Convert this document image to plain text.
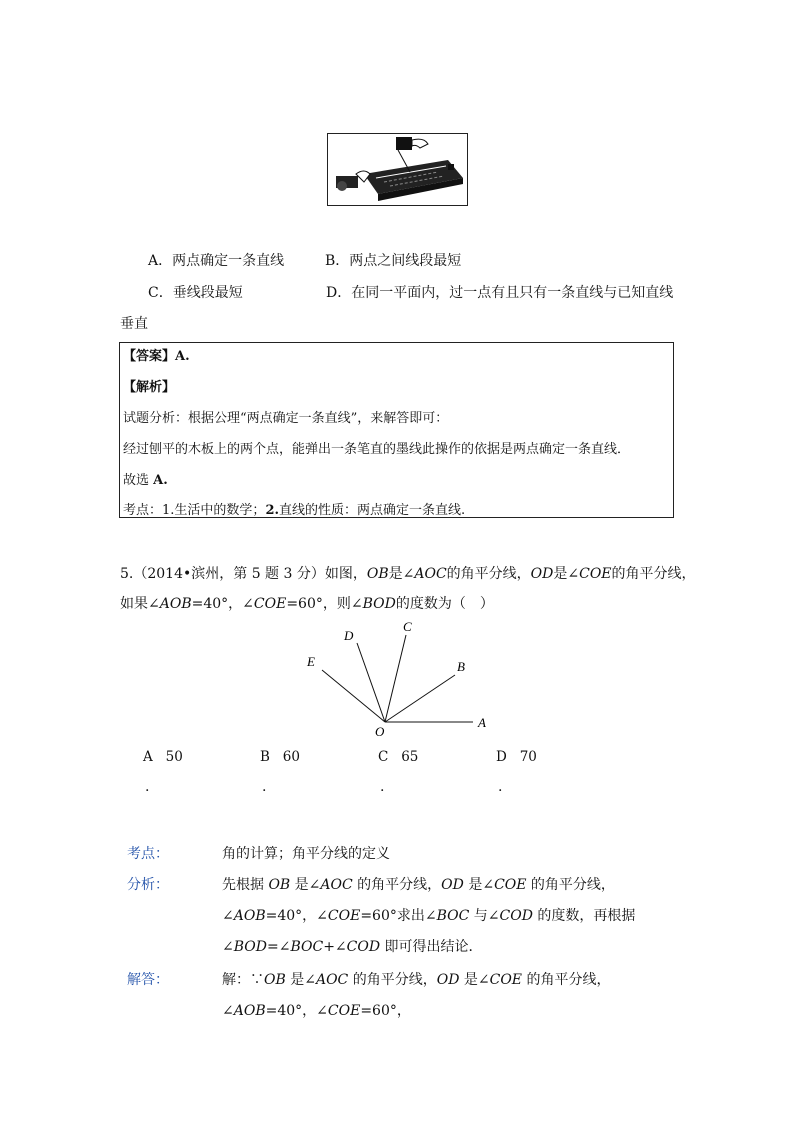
A．两点确定一条直线	B．两点之间线段最短
C．垂线段最短	D．在同一平面内，过一点有且只有一条直线与已知直线
垂直
【答案】A.
【解析】
试题分析：根据公理“两点确定一条直线”，来解答即可：
经过刨平的木板上的两个点，能弹出一条笔直的墨线此操作的依据是两点确定一条直线．
故选 A.
考点：1.生活中的数学；2.直线的性质：两点确定一条直线.
5.（2014•滨州，第 5 题 3 分）如图，OB是∠AOC的角平分线，OD是∠COE的角平分线，
如果∠AOB=40°，∠COE=60°，则∠BOD的度数为（　）
A
B
C
D
E
O
A 50	B 60	C 65	D 70
.	.	.	.
考点：	角的计算；角平分线的定义
分析：	先根据 OB 是∠AOC 的角平分线，OD 是∠COE 的角平分线，
∠AOB=40°，∠COE=60°求出∠BOC 与∠COD 的度数，再根据
∠BOD=∠BOC+∠COD 即可得出结论．
解答：	解：∵OB 是∠AOC 的角平分线，OD 是∠COE 的角平分线，
∠AOB=40°，∠COE=60°，
